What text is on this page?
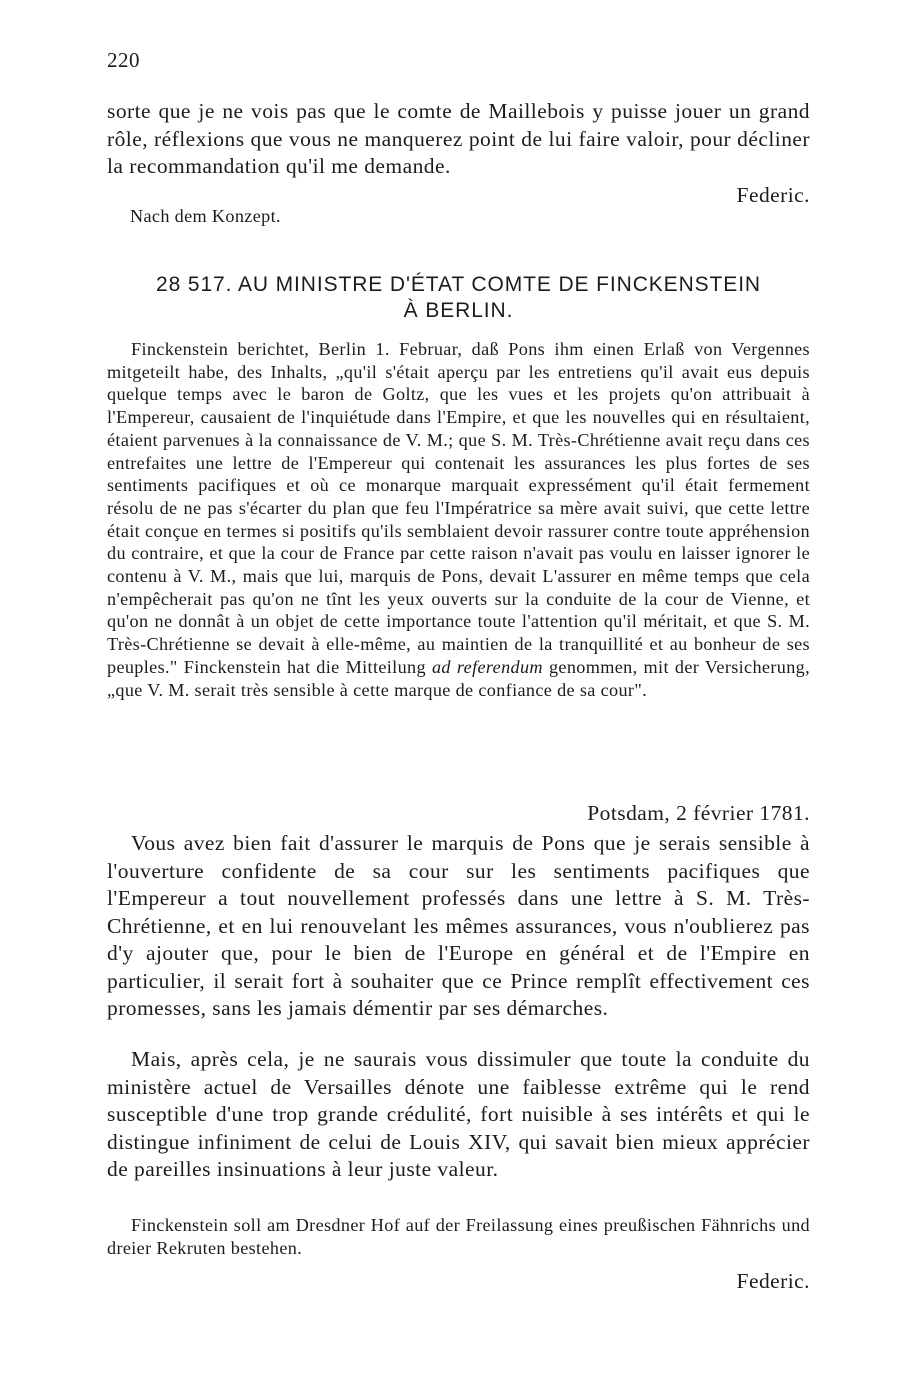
220
sorte que je ne vois pas que le comte de Maillebois y puisse jouer un grand rôle, réflexions que vous ne manquerez point de lui faire valoir, pour décliner la recommandation qu'il me demande.
Federic.
Nach dem Konzept.
28 517. AU MINISTRE D'ÉTAT COMTE DE FINCKENSTEIN
À BERLIN.
Finckenstein berichtet, Berlin 1. Februar, daß Pons ihm einen Erlaß von Vergennes mitgeteilt habe, des Inhalts, „qu'il s'était aperçu par les entretiens qu'il avait eus depuis quelque temps avec le baron de Goltz, que les vues et les projets qu'on attribuait à l'Empereur, causaient de l'inquiétude dans l'Empire, et que les nouvelles qui en résultaient, étaient parvenues à la connaissance de V. M.; que S. M. Très-Chrétienne avait reçu dans ces entrefaites une lettre de l'Empereur qui contenait les assurances les plus fortes de ses sentiments pacifiques et où ce monarque marquait expressément qu'il était fermement résolu de ne pas s'écarter du plan que feu l'Impératrice sa mère avait suivi, que cette lettre était conçue en termes si positifs qu'ils semblaient devoir rassurer contre toute appréhension du contraire, et que la cour de France par cette raison n'avait pas voulu en laisser ignorer le contenu à V. M., mais que lui, marquis de Pons, devait L'assurer en même temps que cela n'empêcherait pas qu'on ne tînt les yeux ouverts sur la conduite de la cour de Vienne, et qu'on ne donnât à un objet de cette importance toute l'attention qu'il méritait, et que S. M. Très-Chrétienne se devait à elle-même, au maintien de la tranquillité et au bonheur de ses peuples." Finckenstein hat die Mitteilung ad referendum genommen, mit der Versicherung, „que V. M. serait très sensible à cette marque de confiance de sa cour".
Potsdam, 2 février 1781.
Vous avez bien fait d'assurer le marquis de Pons que je serais sensible à l'ouverture confidente de sa cour sur les sentiments pacifiques que l'Empereur a tout nouvellement professés dans une lettre à S. M. Très-Chrétienne, et en lui renouvelant les mêmes assurances, vous n'oublierez pas d'y ajouter que, pour le bien de l'Europe en général et de l'Empire en particulier, il serait fort à souhaiter que ce Prince remplît effectivement ces promesses, sans les jamais démentir par ses démarches.
Mais, après cela, je ne saurais vous dissimuler que toute la conduite du ministère actuel de Versailles dénote une faiblesse extrême qui le rend susceptible d'une trop grande crédulité, fort nuisible à ses intérêts et qui le distingue infiniment de celui de Louis XIV, qui savait bien mieux apprécier de pareilles insinuations à leur juste valeur.
Finckenstein soll am Dresdner Hof auf der Freilassung eines preußischen Fähnrichs und dreier Rekruten bestehen.
Federic.
